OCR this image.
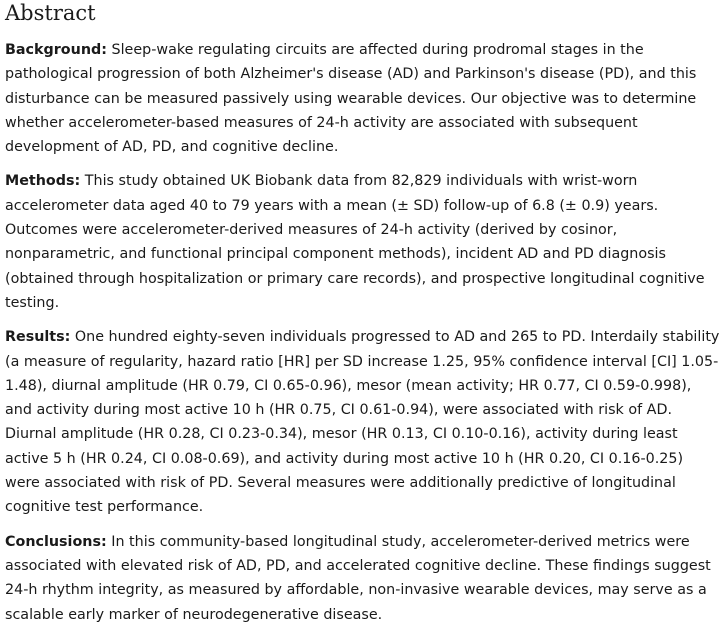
Abstract

Background: Sleep-wake regulating circuits are affected during prodromal stages in the pathological progression of both Alzheimer's disease (AD) and Parkinson's disease (PD), and this disturbance can be measured passively using wearable devices. Our objective was to determine whether accelerometer-based measures of 24-h activity are associated with subsequent development of AD, PD, and cognitive decline.

Methods: This study obtained UK Biobank data from 82,829 individuals with wrist-worn accelerometer data aged 40 to 79 years with a mean (± SD) follow-up of 6.8 (± 0.9) years. Outcomes were accelerometer-derived measures of 24-h activity (derived by cosinor, nonparametric, and functional principal component methods), incident AD and PD diagnosis (obtained through hospitalization or primary care records), and prospective longitudinal cognitive testing.

Results: One hundred eighty-seven individuals progressed to AD and 265 to PD. Interdaily stability (a measure of regularity, hazard ratio [HR] per SD increase 1.25, 95% confidence interval [CI] 1.05-1.48), diurnal amplitude (HR 0.79, CI 0.65-0.96), mesor (mean activity; HR 0.77, CI 0.59-0.998), and activity during most active 10 h (HR 0.75, CI 0.61-0.94), were associated with risk of AD. Diurnal amplitude (HR 0.28, CI 0.23-0.34), mesor (HR 0.13, CI 0.10-0.16), activity during least active 5 h (HR 0.24, CI 0.08-0.69), and activity during most active 10 h (HR 0.20, CI 0.16-0.25) were associated with risk of PD. Several measures were additionally predictive of longitudinal cognitive test performance.

Conclusions: In this community-based longitudinal study, accelerometer-derived metrics were associated with elevated risk of AD, PD, and accelerated cognitive decline. These findings suggest 24-h rhythm integrity, as measured by affordable, non-invasive wearable devices, may serve as a scalable early marker of neurodegenerative disease.
